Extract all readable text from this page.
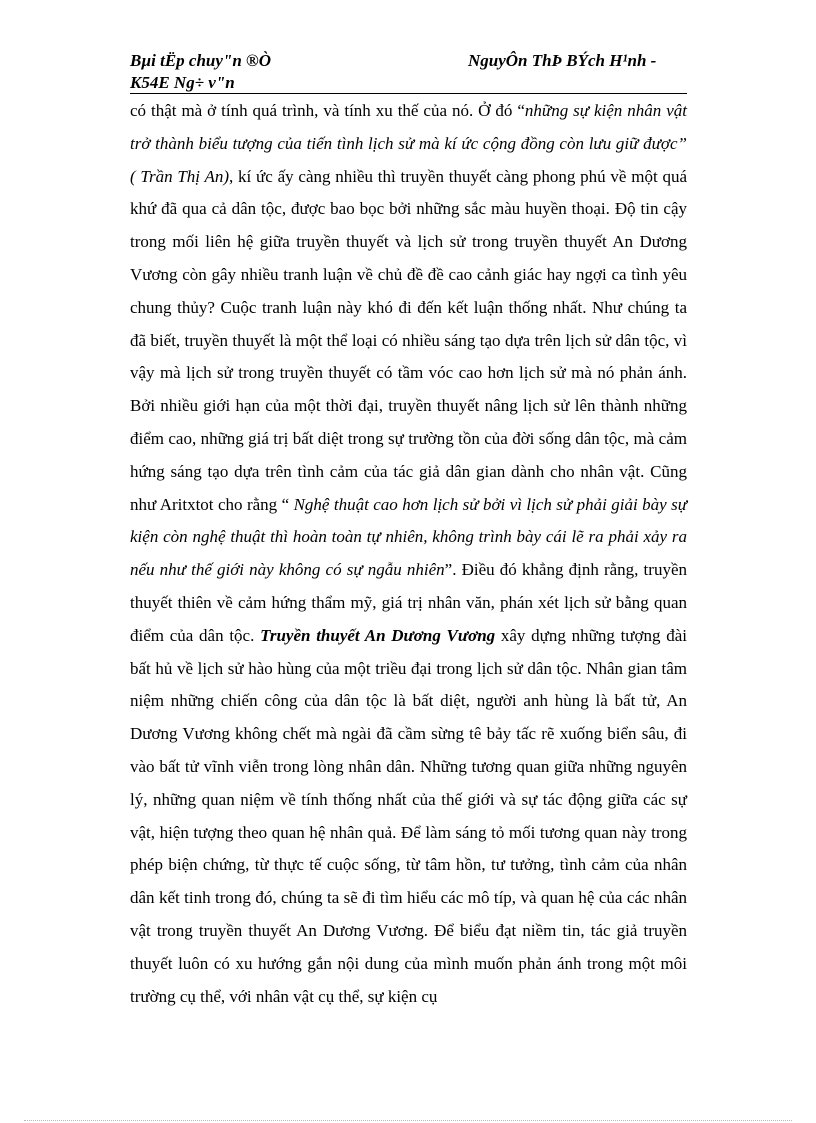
Bµi tËp chuy"n ®Ò	NguyÔn ThÞ BÝch H¹nh -
K54E Ng÷ v"n

có thật mà ở tính quá trình, và tính xu thế của nó. Ở đó “những sự kiện nhân vật trở thành biểu tượng của tiến tình lịch sử mà kí ức cộng đồng còn lưu giữ được” ( Trần Thị An), kí ức ấy càng nhiều thì truyền thuyết càng phong phú về một quá khứ đã qua cả dân tộc, được bao bọc bởi những sắc màu huyền thoại. Độ tin cậy trong mối liên hệ giữa truyền thuyết và lịch sử trong truyền thuyết An Dương Vương còn gây nhiều tranh luận về chủ đề đề cao cảnh giác hay ngợi ca tình yêu chung thủy? Cuộc tranh luận này khó đi đến kết luận thống nhất. Như chúng ta đã biết, truyền thuyết là một thể loại có nhiều sáng tạo dựa trên lịch sử dân tộc, vì vậy mà lịch sử trong truyền thuyết có tầm vóc cao hơn lịch sử mà nó phản ánh. Bởi nhiều giới hạn của một thời đại, truyền thuyết nâng lịch sử lên thành những điểm cao, những giá trị bất diệt trong sự trường tồn của đời sống dân tộc, mà cảm hứng sáng tạo dựa trên tình cảm của tác giả dân gian dành cho nhân vật. Cũng như Aritxtot cho rằng “ Nghệ thuật cao hơn lịch sử bởi vì lịch sử phải giải bày sự kiện còn nghệ thuật thì hoàn toàn tự nhiên, không trình bày cái lẽ ra phải xảy ra nếu như thế giới này không có sự ngẫu nhiên”. Điều đó khẳng định rằng, truyền thuyết thiên về cảm hứng thẩm mỹ, giá trị nhân văn, phán xét lịch sử bằng quan điểm của dân tộc. Truyền thuyết An Dương Vương xây dựng những tượng đài bất hủ về lịch sử hào hùng của một triều đại trong lịch sử dân tộc. Nhân gian tâm niệm những chiến công của dân tộc là bất diệt, người anh hùng là bất tử, An Dương Vương không chết mà ngài đã cầm sừng tê bảy tấc rẽ xuống biển sâu, đi vào bất tử vĩnh viễn trong lòng nhân dân. Những tương quan giữa những nguyên lý, những quan niệm về tính thống nhất của thế giới và sự tác động giữa các sự vật, hiện tượng theo quan hệ nhân quả. Để làm sáng tỏ mối tương quan này trong phép biện chứng, từ thực tế cuộc sống, từ tâm hồn, tư tưởng, tình cảm của nhân dân kết tinh trong đó, chúng ta sẽ đi tìm hiểu các mô típ, và quan hệ của các nhân vật trong truyền thuyết An Dương Vương. Để biểu đạt niềm tin, tác giả truyền thuyết luôn có xu hướng gắn nội dung của mình muốn phản ánh trong một môi trường cụ thể, với nhân vật cụ thể, sự kiện cụ
